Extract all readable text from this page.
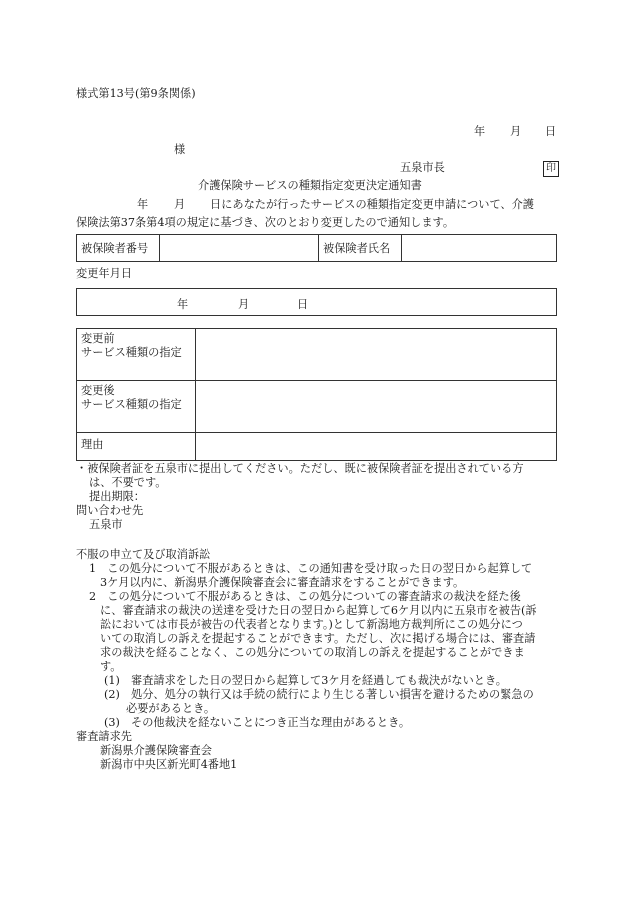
様式第13号(第9条関係)
年 月 日
様
五泉市長	印
介護保険サービスの種類指定変更決定通知書
年 月 日にあなたが行ったサービスの種類指定変更申請について、介護
保険法第37条第4項の規定に基づき、次のとおり変更したので通知します。
被保険者番号		被保険者氏名	
変更年月日
年	月	日
変更前
サービス種類の指定	

変更後
サービス種類の指定	

理由	
・被保険者証を五泉市に提出してください。ただし、既に被保険者証を提出されている方
は、不要です。
提出期限：
問い合わせ先
五泉市
不服の申立て及び取消訴訟
1　この処分について不服があるときは、この通知書を受け取った日の翌日から起算して
3ケ月以内に、新潟県介護保険審査会に審査請求をすることができます。
2　この処分について不服があるときは、この処分についての審査請求の裁決を経た後
に、審査請求の裁決の送達を受けた日の翌日から起算して6ケ月以内に五泉市を被告(訴
訟においては市長が被告の代表者となります。)として新潟地方裁判所にこの処分につ
いての取消しの訴えを提起することができます。ただし、次に掲げる場合には、審査請
求の裁決を経ることなく、この処分についての取消しの訴えを提起することができま
す。
(1)　審査請求をした日の翌日から起算して3ケ月を経過しても裁決がないとき。
(2)　処分、処分の執行又は手続の続行により生じる著しい損害を避けるための緊急の
必要があるとき。
(3)　その他裁決を経ないことにつき正当な理由があるとき。
審査請求先
新潟県介護保険審査会
新潟市中央区新光町4番地1
